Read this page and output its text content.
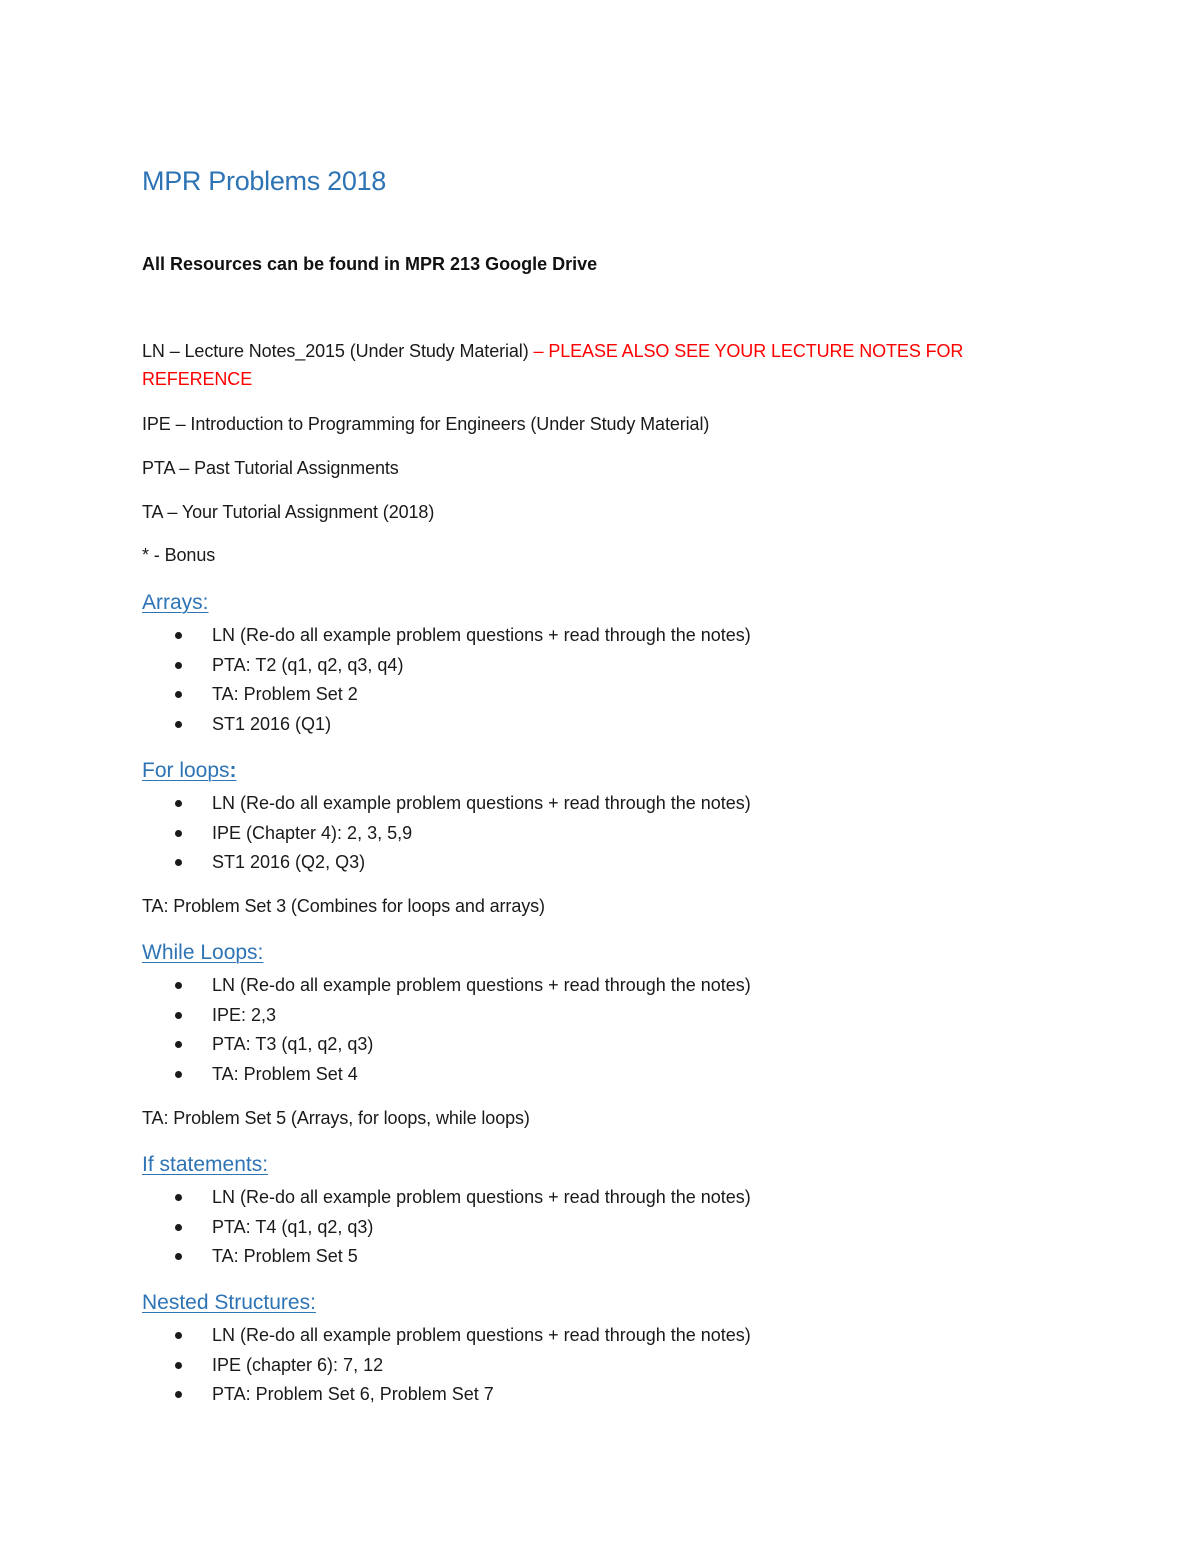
MPR Problems 2018
All Resources can be found in MPR 213 Google Drive
LN – Lecture Notes_2015 (Under Study Material) – PLEASE ALSO SEE YOUR LECTURE NOTES FOR
REFERENCE
IPE – Introduction to Programming for Engineers (Under Study Material)
PTA – Past Tutorial Assignments
TA – Your Tutorial Assignment (2018)
* - Bonus
Arrays:
LN (Re-do all example problem questions + read through the notes)
PTA: T2 (q1, q2, q3, q4)
TA: Problem Set 2
ST1 2016 (Q1)
For loops:
LN (Re-do all example problem questions + read through the notes)
IPE (Chapter 4): 2, 3, 5,9
ST1 2016 (Q2, Q3)
TA: Problem Set 3 (Combines for loops and arrays)
While Loops:
LN (Re-do all example problem questions + read through the notes)
IPE: 2,3
PTA: T3 (q1, q2, q3)
TA: Problem Set 4
TA: Problem Set 5 (Arrays, for loops, while loops)
If statements:
LN (Re-do all example problem questions + read through the notes)
PTA: T4 (q1, q2, q3)
TA: Problem Set 5
Nested Structures:
LN (Re-do all example problem questions + read through the notes)
IPE (chapter 6): 7, 12
PTA: Problem Set 6, Problem Set 7
